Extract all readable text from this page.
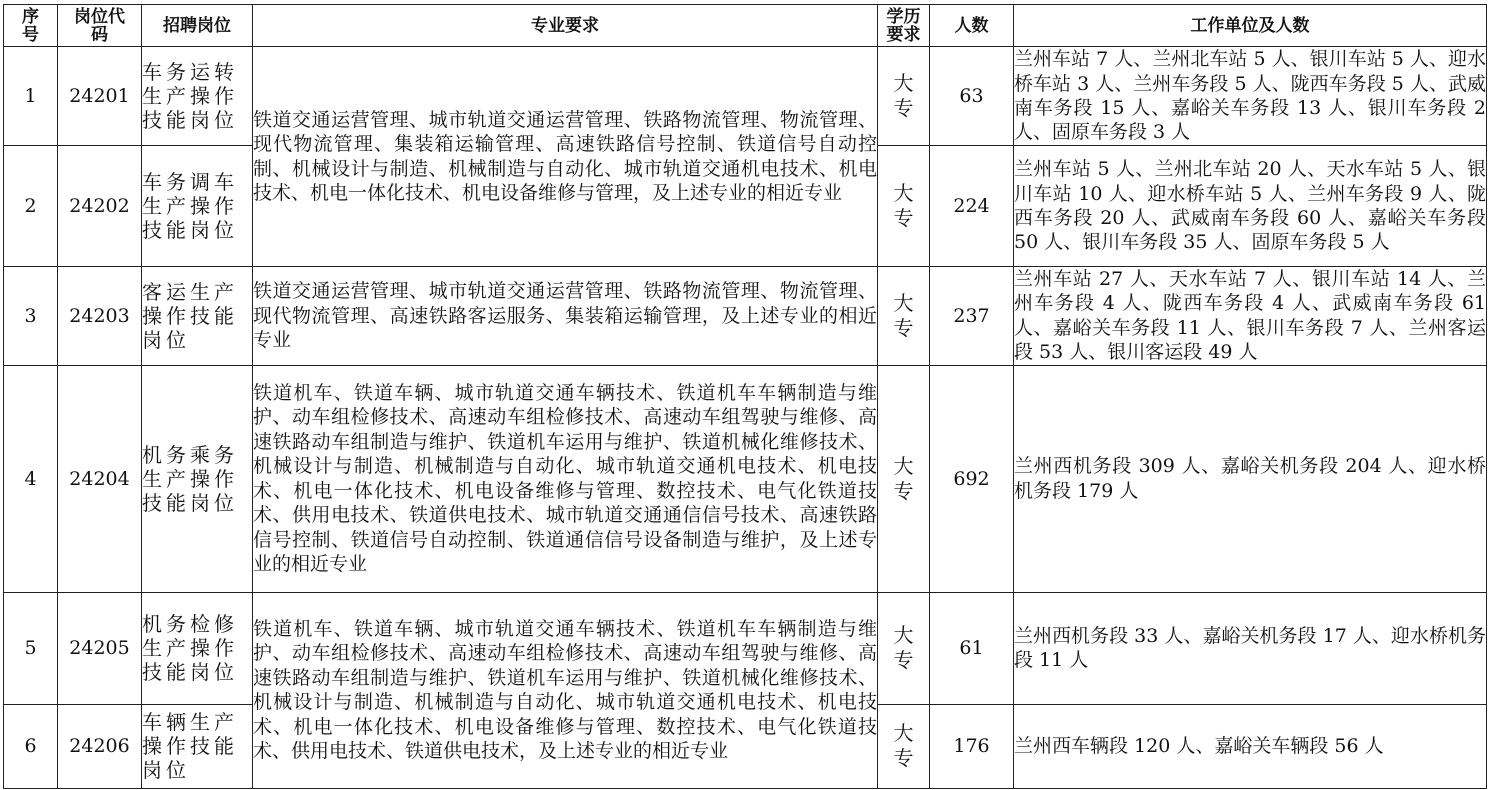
序号	岗位代码	招聘岗位	专业要求	学历要求	人数	工作单位及人数
1	24201	车务运转生产操作技能岗位	铁道交通运营管理、城市轨道交通运营管理、铁路物流管理、物流管理、现代物流管理、集装箱运输管理、高速铁路信号控制、铁道信号自动控制、机械设计与制造、机械制造与自动化、城市轨道交通机电技术、机电技术、机电一体化技术、机电设备维修与管理，及上述专业的相近专业	大专	63	兰州车站 7 人、兰州北车站 5 人、银川车站 5 人、迎水桥车站 3 人、兰州车务段 5 人、陇西车务段 5 人、武威南车务段 15 人、嘉峪关车务段 13 人、银川车务段 2 人、固原车务段 3 人
2	24202	车务调车生产操作技能岗位		大专	224	兰州车站 5 人、兰州北车站 20 人、天水车站 5 人、银川车站 10 人、迎水桥车站 5 人、兰州车务段 9 人、陇西车务段 20 人、武威南车务段 60 人、嘉峪关车务段 50 人、银川车务段 35 人、固原车务段 5 人
3	24203	客运生产操作技能岗位	铁道交通运营管理、城市轨道交通运营管理、铁路物流管理、物流管理、现代物流管理、高速铁路客运服务、集装箱运输管理，及上述专业的相近专业	大专	237	兰州车站 27 人、天水车站 7 人、银川车站 14 人、兰州车务段 4 人、陇西车务段 4 人、武威南车务段 61 人、嘉峪关车务段 11 人、银川车务段 7 人、兰州客运段 53 人、银川客运段 49 人
4	24204	机务乘务生产操作技能岗位	铁道机车、铁道车辆、城市轨道交通车辆技术、铁道机车车辆制造与维护、动车组检修技术、高速动车组检修技术、高速动车组驾驶与维修、高速铁路动车组制造与维护、铁道机车运用与维护、铁道机械化维修技术、机械设计与制造、机械制造与自动化、城市轨道交通机电技术、机电技术、机电一体化技术、机电设备维修与管理、数控技术、电气化铁道技术、供用电技术、铁道供电技术、城市轨道交通通信信号技术、高速铁路信号控制、铁道信号自动控制、铁道通信信号设备制造与维护，及上述专业的相近专业	大专	692	兰州西机务段 309 人、嘉峪关机务段 204 人、迎水桥机务段 179 人
5	24205	机务检修生产操作技能岗位	铁道机车、铁道车辆、城市轨道交通车辆技术、铁道机车车辆制造与维护、动车组检修技术、高速动车组检修技术、高速动车组驾驶与维修、高速铁路动车组制造与维护、铁道机车运用与维护、铁道机械化维修技术、机械设计与制造、机械制造与自动化、城市轨道交通机电技术、机电技术、机电一体化技术、机电设备维修与管理、数控技术、电气化铁道技术、供用电技术、铁道供电技术，及上述专业的相近专业	大专	61	兰州西机务段 33 人、嘉峪关机务段 17 人、迎水桥机务段 11 人
6	24206	车辆生产操作技能岗位		大专	176	兰州西车辆段 120 人、嘉峪关车辆段 56 人
